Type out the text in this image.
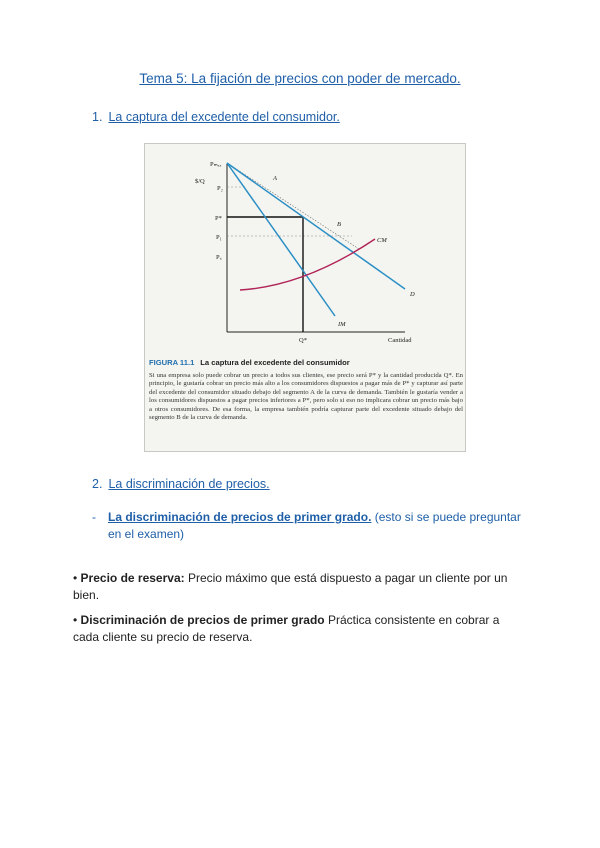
Tema 5: La fijación de precios con poder de mercado.
1. La captura del excedente del consumidor.
Pₘₐₓ
$/Q
P₂
P*
P₁
P꜀
Q*	Cantidad
A
B
CM
D
IM
FIGURA 11.1 La captura del excedente del consumidor
Si una empresa solo puede cobrar un precio a todos sus clientes, ese precio será P* y la cantidad producida Q*. En principio, le gustaría cobrar un precio más alto a los consumidores dispuestos a pagar más de P* y capturar así parte del excedente del consumidor situado debajo del segmento A de la curva de demanda. También le gustaría vender a los consumidores dispuestos a pagar precios inferiores a P*, pero solo si eso no implicara cobrar un precio más bajo a otros consumidores. De esa forma, la empresa también podría capturar parte del excedente situado debajo del segmento B de la curva de demanda.
2. La discriminación de precios.
- La discriminación de precios de primer grado. (esto si se puede preguntar en el examen)
• Precio de reserva: Precio máximo que está dispuesto a pagar un cliente por un bien.
• Discriminación de precios de primer grado Práctica consistente en cobrar a cada cliente su precio de reserva.
